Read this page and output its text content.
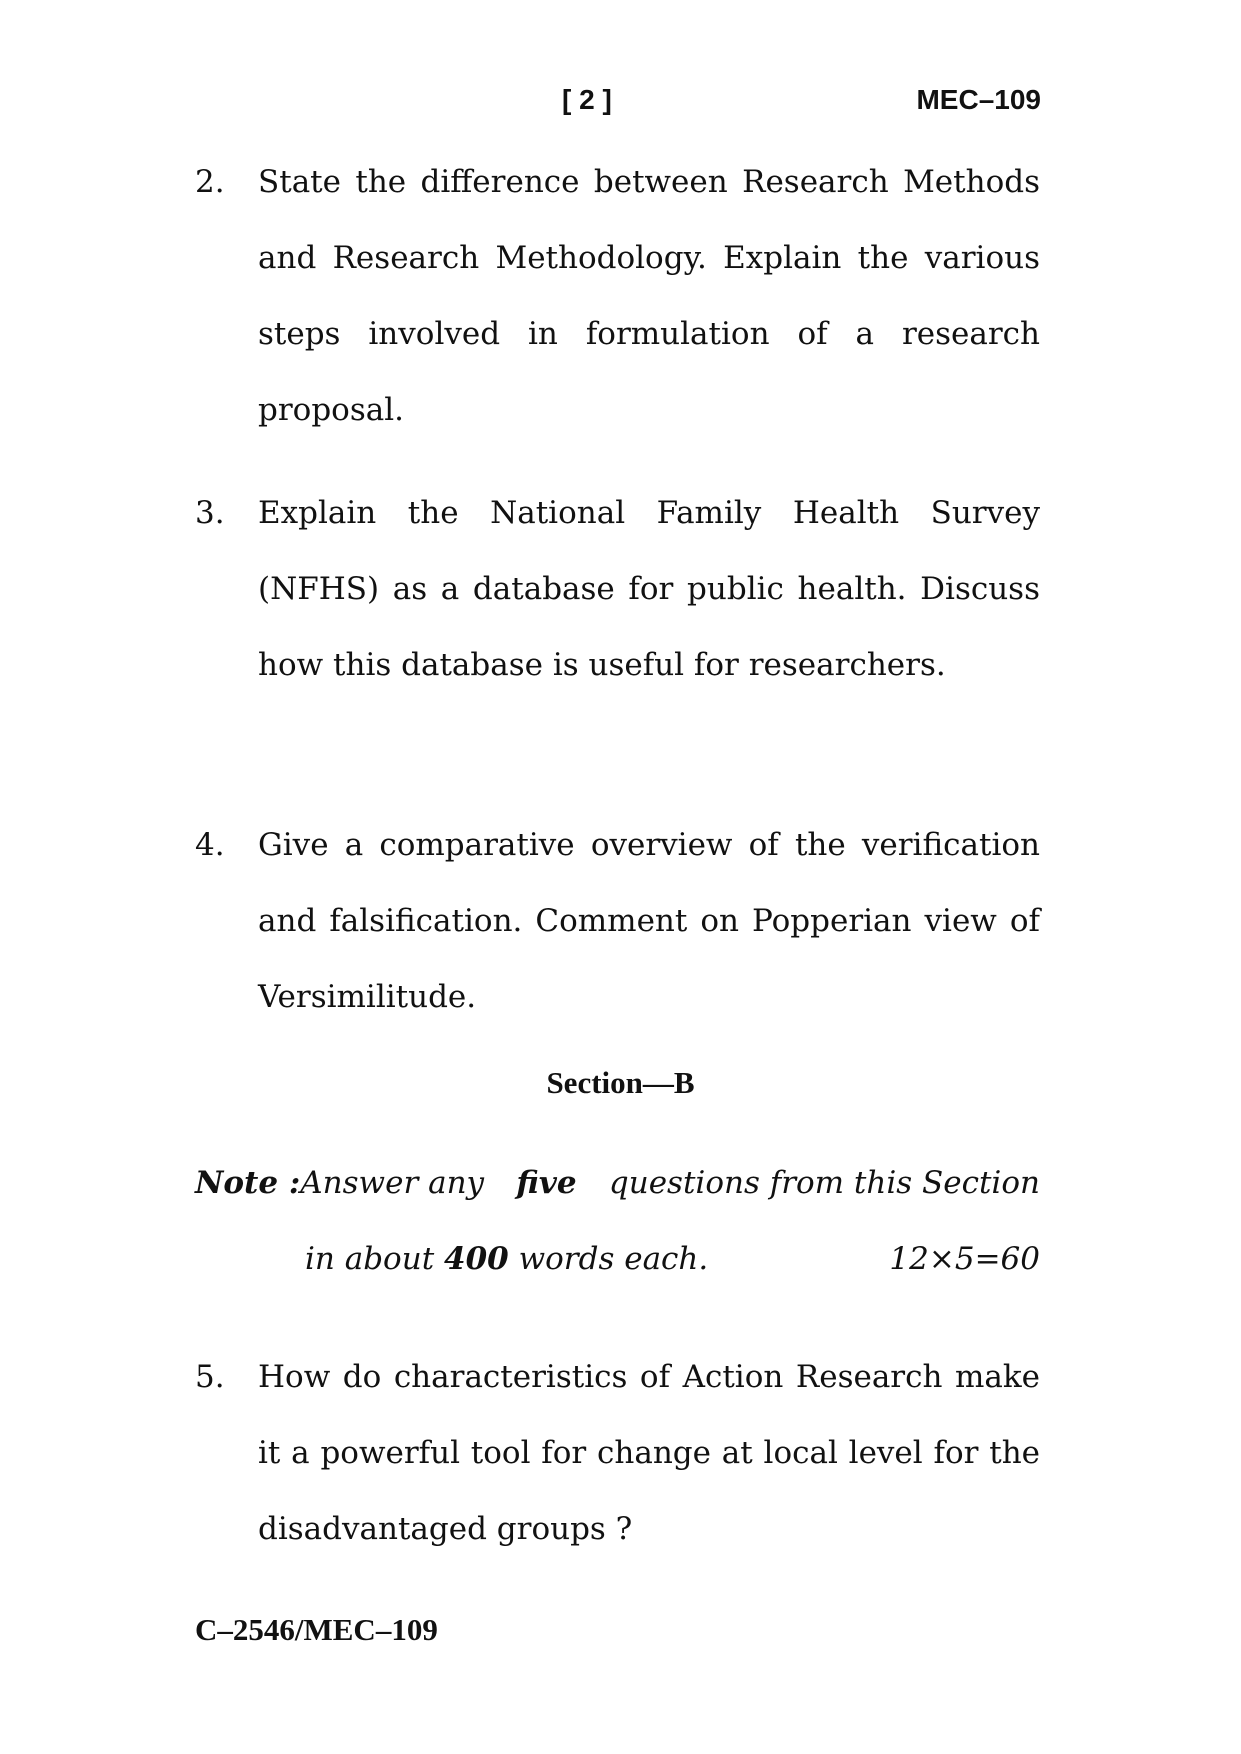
[ 2 ]	MEC–109
2. State the difference between Research Methods and Research Methodology. Explain the various steps involved in formulation of a research proposal.
3. Explain the National Family Health Survey (NFHS) as a database for public health. Discuss how this database is useful for researchers.
4. Give a comparative overview of the verification and falsification. Comment on Popperian view of Versimilitude.
Section—B
Note :Answer any five questions from this Section
in about 400 words each.	12×5=60
5. How do characteristics of Action Research make it a powerful tool for change at local level for the disadvantaged groups ?
C–2546/MEC–109
